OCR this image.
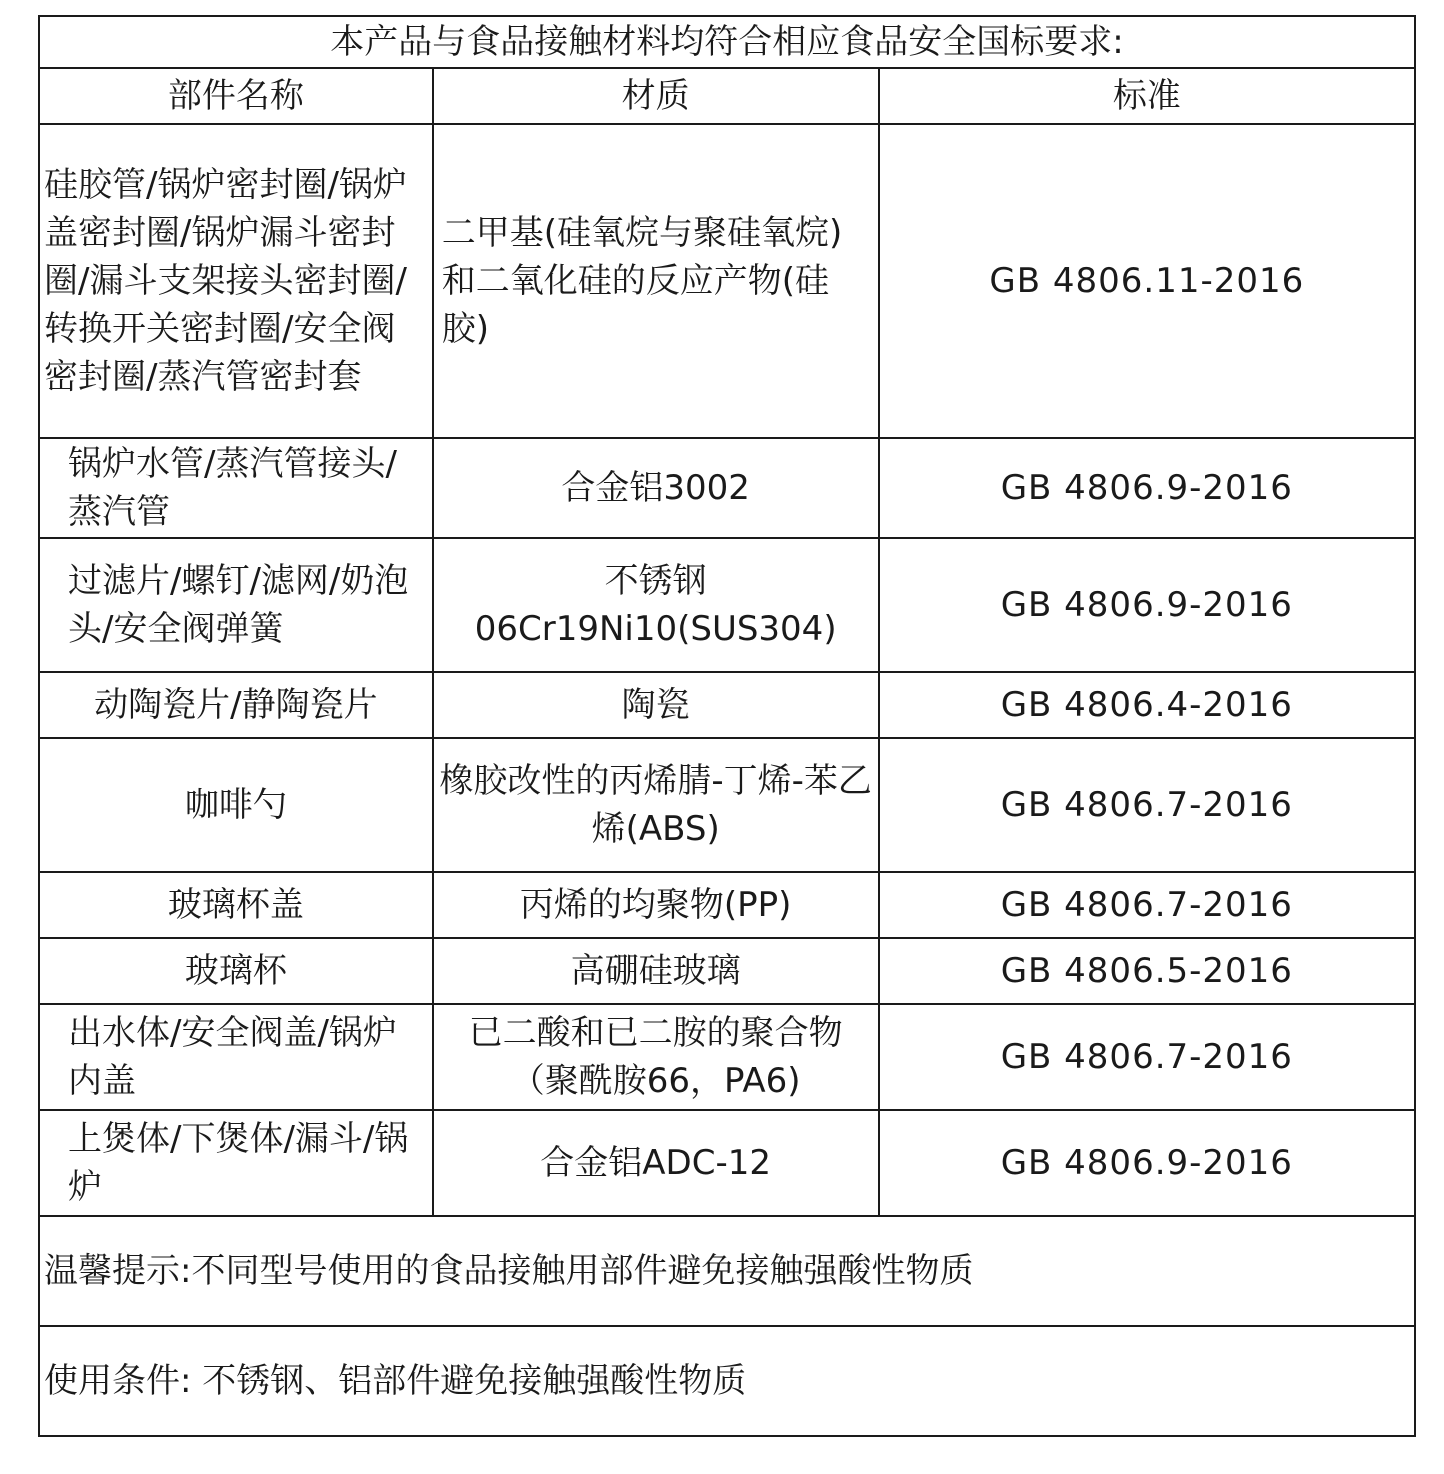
本产品与食品接触材料均符合相应食品安全国标要求:		
部件名称	材质	标准
硅胶管/锅炉密封圈/锅炉盖密封圈/锅炉漏斗密封圈/漏斗支架接头密封圈/转换开关密封圈/安全阀密封圈/蒸汽管密封套	二甲基(硅氧烷与聚硅氧烷)和二氧化硅的反应产物(硅胶)	GB 4806.11-2016
锅炉水管/蒸汽管接头/蒸汽管	合金铝3002	GB 4806.9-2016
过滤片/螺钉/滤网/奶泡头/安全阀弹簧	不锈钢06Cr19Ni10(SUS304)	GB 4806.9-2016
动陶瓷片/静陶瓷片	陶瓷	GB 4806.4-2016
咖啡勺	橡胶改性的丙烯腈-丁烯-苯乙烯(ABS)	GB 4806.7-2016
玻璃杯盖	丙烯的均聚物(PP)	GB 4806.7-2016
玻璃杯	高硼硅玻璃	GB 4806.5-2016
出水体/安全阀盖/锅炉内盖	已二酸和已二胺的聚合物（聚酰胺66，PA6)	GB 4806.7-2016
上煲体/下煲体/漏斗/锅炉	合金铝ADC-12	GB 4806.9-2016
温馨提示:不同型号使用的食品接触用部件避免接触强酸性物质		
使用条件: 不锈钢、铝部件避免接触强酸性物质		
